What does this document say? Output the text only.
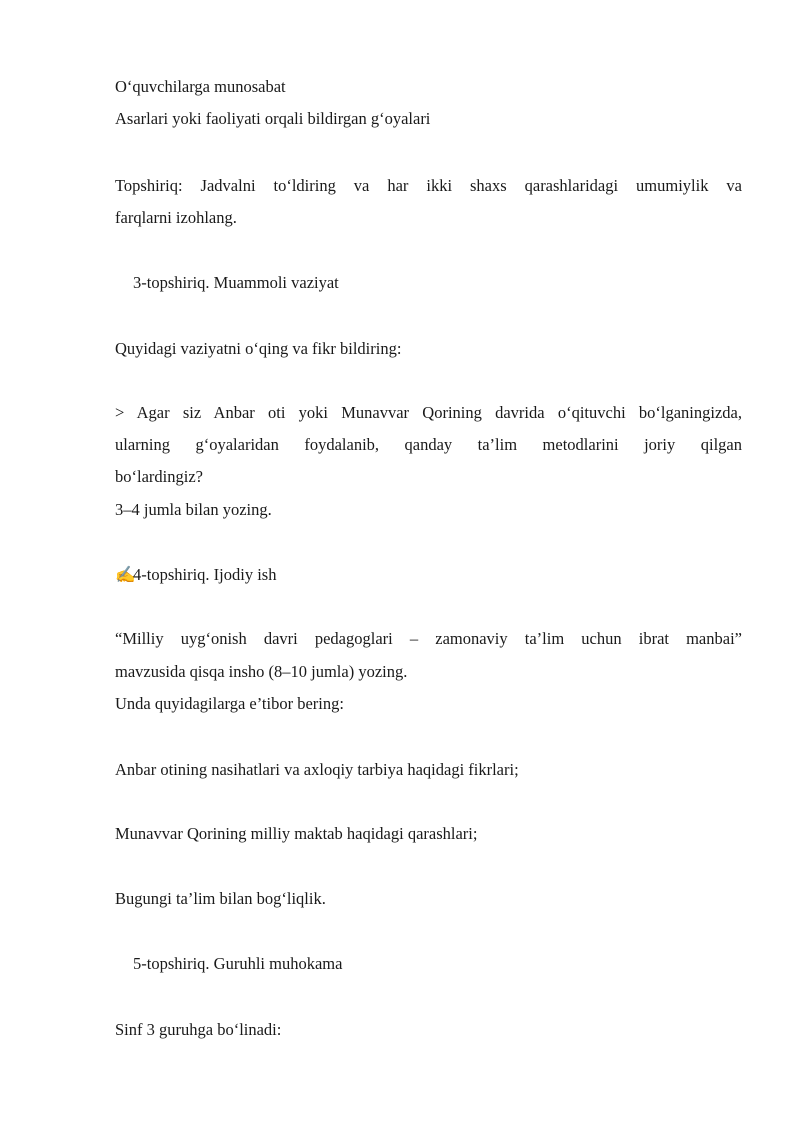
O‘quvchilarga munosabat
Asarlari yoki faoliyati orqali bildirgan g‘oyalari
Topshiriq: Jadvalni to‘ldiring va har ikki shaxs qarashlaridagi umumiylik va
farqlarni izohlang.
3-topshiriq. Muammoli vaziyat
Quyidagi vaziyatni o‘qing va fikr bildiring:
> Agar siz Anbar oti yoki Munavvar Qorining davrida o‘qituvchi bo‘lganingizda,
ularning g‘oyalaridan foydalanib, qanday ta’lim metodlarini joriy qilgan
bo‘lardingiz?
3–4 jumla bilan yozing.
✍4-topshiriq. Ijodiy ish
“Milliy uyg‘onish davri pedagoglari – zamonaviy ta’lim uchun ibrat manbai”
mavzusida qisqa insho (8–10 jumla) yozing.
Unda quyidagilarga e’tibor bering:
Anbar otining nasihatlari va axloqiy tarbiya haqidagi fikrlari;
Munavvar Qorining milliy maktab haqidagi qarashlari;
Bugungi ta’lim bilan bog‘liqlik.
5-topshiriq. Guruhli muhokama
Sinf 3 guruhga bo‘linadi:
